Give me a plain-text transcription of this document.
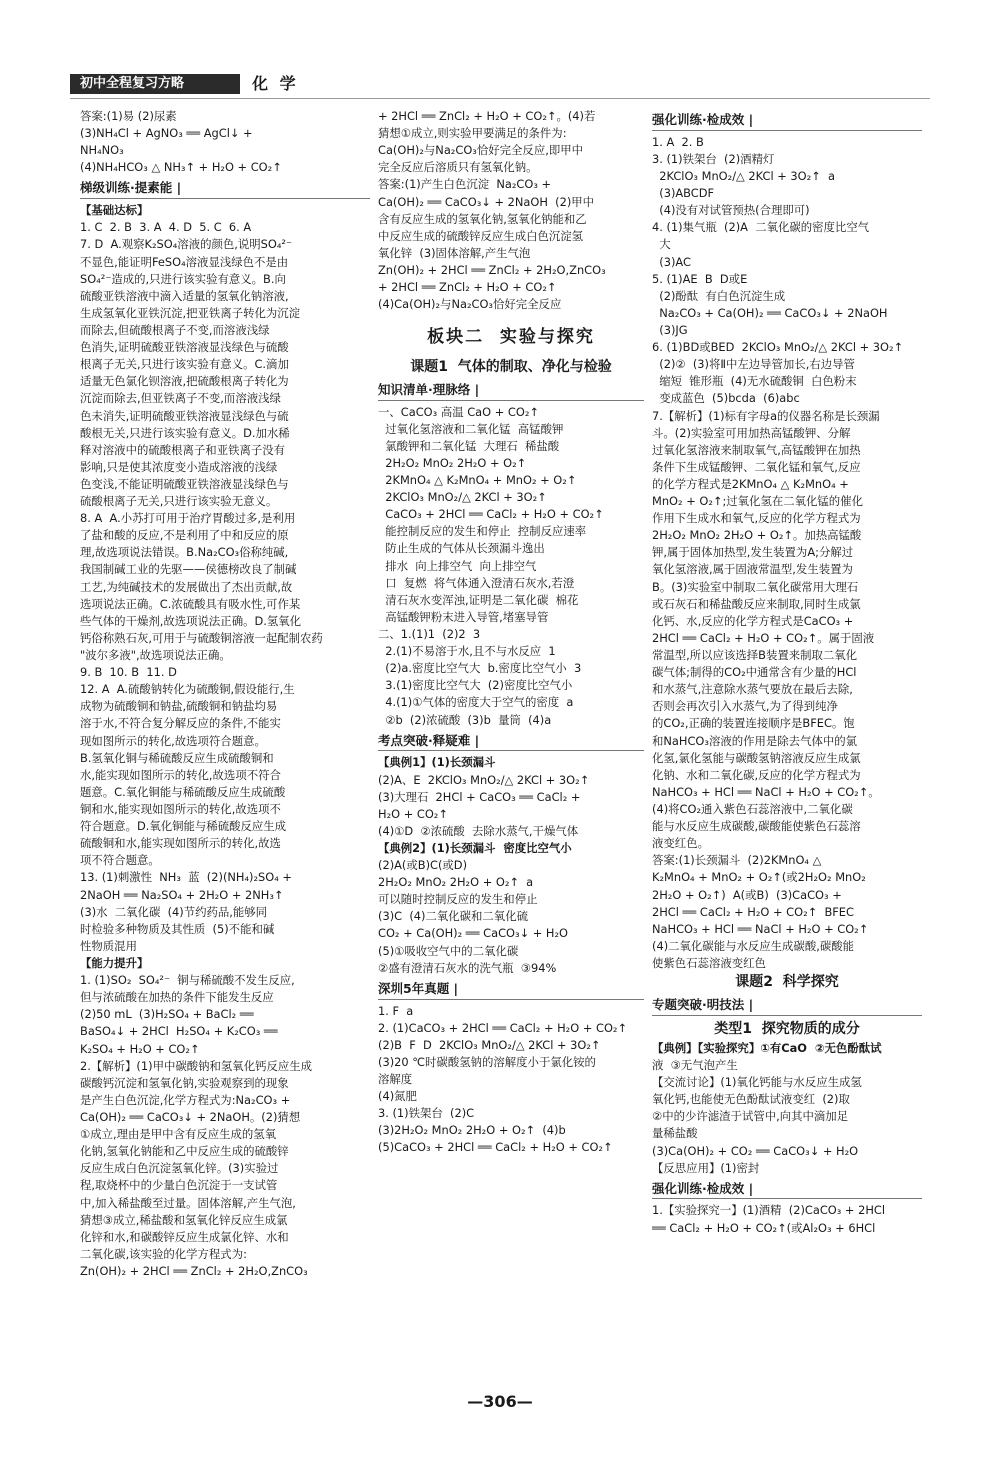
初中全程复习方略	化 学
答案:(1)易 (2)尿素
(3)NH₄Cl + AgNO₃ ══ AgCl↓ +
NH₄NO₃
(4)NH₄HCO₃ △ NH₃↑ + H₂O + CO₂↑
梯级训练·提素能 |
【基础达标】
1. C  2. B  3. A  4. D  5. C  6. A
7. D  A.观察K₂SO₄溶液的颜色,说明SO₄²⁻
不显色,能证明FeSO₄溶液显浅绿色不是由
SO₄²⁻造成的,只进行该实验有意义。B.向
硫酸亚铁溶液中滴入适量的氢氧化钠溶液,
生成氢氧化亚铁沉淀,把亚铁离子转化为沉淀
而除去,但硫酸根离子不变,而溶液浅绿
色消失,证明硫酸亚铁溶液显浅绿色与硫酸
根离子无关,只进行该实验有意义。C.滴加
适量无色氯化钡溶液,把硫酸根离子转化为
沉淀而除去,但亚铁离子不变,而溶液浅绿
色未消失,证明硫酸亚铁溶液显浅绿色与硫
酸根无关,只进行该实验有意义。D.加水稀
释对溶液中的硫酸根离子和亚铁离子没有
影响,只是使其浓度变小造成溶液的浅绿
色变浅,不能证明硫酸亚铁溶液显浅绿色与
硫酸根离子无关,只进行该实验无意义。
8. A  A.小苏打可用于治疗胃酸过多,是利用
了盐和酸的反应,不是利用了中和反应的原
理,故选项说法错误。B.Na₂CO₃俗称纯碱,
我国制碱工业的先驱——侯德榜改良了制碱
工艺,为纯碱技术的发展做出了杰出贡献,故
选项说法正确。C.浓硫酸具有吸水性,可作某
些气体的干燥剂,故选项说法正确。D.氢氧化
钙俗称熟石灰,可用于与硫酸铜溶液一起配制农药
"波尔多液",故选项说法正确。
9. B  10. B  11. D
12. A  A.硫酸钠转化为硫酸铜,假设能行,生
成物为硫酸铜和钠盐,硫酸铜和钠盐均易
溶于水,不符合复分解反应的条件,不能实
现如图所示的转化,故选项符合题意。
B.氢氧化铜与稀硫酸反应生成硫酸铜和
水,能实现如图所示的转化,故选项不符合
题意。C.氧化铜能与稀硫酸反应生成硫酸
铜和水,能实现如图所示的转化,故选项不
符合题意。D.氧化铜能与稀硫酸反应生成
硫酸铜和水,能实现如图所示的转化,故选
项不符合题意。
13. (1)刺激性  NH₃  蓝  (2)(NH₄)₂SO₄ +
2NaOH ══ Na₂SO₄ + 2H₂O + 2NH₃↑
(3)水  二氧化碳  (4)节约药品,能够同
时检验多种物质及其性质  (5)不能和碱
性物质混用
【能力提升】
1. (1)SO₂  SO₄²⁻  铜与稀硫酸不发生反应,
但与浓硫酸在加热的条件下能发生反应
(2)50 mL  (3)H₂SO₄ + BaCl₂ ══
BaSO₄↓ + 2HCl  H₂SO₄ + K₂CO₃ ══
K₂SO₄ + H₂O + CO₂↑
2.【解析】(1)甲中碳酸钠和氢氧化钙反应生成
碳酸钙沉淀和氢氧化钠,实验观察到的现象
是产生白色沉淀,化学方程式为:Na₂CO₃ +
Ca(OH)₂ ══ CaCO₃↓ + 2NaOH。(2)猜想
①成立,理由是甲中含有反应生成的氢氧
化钠,氢氧化钠能和乙中反应生成的硫酸锌
反应生成白色沉淀氢氧化锌。(3)实验过
程,取烧杯中的少量白色沉淀于一支试管
中,加入稀盐酸至过量。固体溶解,产生气泡,
猜想③成立,稀盐酸和氢氧化锌反应生成氯
化锌和水,和碳酸锌反应生成氯化锌、水和
二氧化碳,该实验的化学方程式为:
Zn(OH)₂ + 2HCl ══ ZnCl₂ + 2H₂O,ZnCO₃
+ 2HCl ══ ZnCl₂ + H₂O + CO₂↑。(4)若
猜想①成立,则实验甲要满足的条件为:
Ca(OH)₂与Na₂CO₃恰好完全反应,即甲中
完全反应后溶质只有氢氧化钠。
答案:(1)产生白色沉淀  Na₂CO₃ +
Ca(OH)₂ ══ CaCO₃↓ + 2NaOH  (2)甲中
含有反应生成的氢氧化钠,氢氧化钠能和乙
中反应生成的硫酸锌反应生成白色沉淀氢
氧化锌  (3)固体溶解,产生气泡
Zn(OH)₂ + 2HCl ══ ZnCl₂ + 2H₂O,ZnCO₃
+ 2HCl ══ ZnCl₂ + H₂O + CO₂↑
(4)Ca(OH)₂与Na₂CO₃恰好完全反应
板块二  实验与探究
课题1  气体的制取、净化与检验
知识清单·理脉络 |
一、CaCO₃ 高温 CaO + CO₂↑
过氧化氢溶液和二氧化锰  高锰酸钾
氯酸钾和二氧化锰  大理石  稀盐酸
2H₂O₂ MnO₂ 2H₂O + O₂↑
2KMnO₄ △ K₂MnO₄ + MnO₂ + O₂↑
2KClO₃ MnO₂/△ 2KCl + 3O₂↑
CaCO₃ + 2HCl ══ CaCl₂ + H₂O + CO₂↑
能控制反应的发生和停止  控制反应速率
防止生成的气体从长颈漏斗逸出
排水  向上排空气  向上排空气
口  复燃  将气体通入澄清石灰水,若澄
清石灰水变浑浊,证明是二氧化碳  棉花
高锰酸钾粉末进入导管,堵塞导管
二、1.(1)1  (2)2  3
2.(1)不易溶于水,且不与水反应  1
(2)a.密度比空气大  b.密度比空气小  3
3.(1)密度比空气大  (2)密度比空气小
4.(1)①气体的密度大于空气的密度  a
②b  (2)浓硫酸  (3)b  量筒  (4)a
考点突破·释疑难 |
【典例1】(1)长颈漏斗
(2)A、E  2KClO₃ MnO₂/△ 2KCl + 3O₂↑
(3)大理石  2HCl + CaCO₃ ══ CaCl₂ +
H₂O + CO₂↑
(4)①D  ②浓硫酸  去除水蒸气,干燥气体
【典例2】(1)长颈漏斗  密度比空气小
(2)A(或B)C(或D)
2H₂O₂ MnO₂ 2H₂O + O₂↑  a
可以随时控制反应的发生和停止
(3)C  (4)二氧化碳和二氧化硫
CO₂ + Ca(OH)₂ ══ CaCO₃↓ + H₂O
(5)①吸收空气中的二氧化碳
②盛有澄清石灰水的洗气瓶  ③94%
深圳5年真题 |
1. F  a
2. (1)CaCO₃ + 2HCl ══ CaCl₂ + H₂O + CO₂↑
(2)B  F  D  2KClO₃ MnO₂/△ 2KCl + 3O₂↑
(3)20 ℃时碳酸氢钠的溶解度小于氯化铵的
溶解度
(4)氮肥
3. (1)铁架台  (2)C
(3)2H₂O₂ MnO₂ 2H₂O + O₂↑  (4)b
(5)CaCO₃ + 2HCl ══ CaCl₂ + H₂O + CO₂↑
强化训练·检成效 |
1. A  2. B
3. (1)铁架台  (2)酒精灯
2KClO₃ MnO₂/△ 2KCl + 3O₂↑  a
(3)ABCDF
(4)没有对试管预热(合理即可)
4. (1)集气瓶  (2)A  二氧化碳的密度比空气
大
(3)AC
5. (1)AE  B  D或E
(2)酚酞  有白色沉淀生成
Na₂CO₃ + Ca(OH)₂ ══ CaCO₃↓ + 2NaOH
(3)JG
6. (1)BD或BED  2KClO₃ MnO₂/△ 2KCl + 3O₂↑
(2)②  (3)将Ⅱ中左边导管加长,右边导管
缩短  锥形瓶  (4)无水硫酸铜  白色粉末
变成蓝色  (5)bcda  (6)abc
7.【解析】(1)标有字母a的仪器名称是长颈漏
斗。(2)实验室可用加热高锰酸钾、分解
过氧化氢溶液来制取氧气,高锰酸钾在加热
条件下生成锰酸钾、二氧化锰和氧气,反应
的化学方程式是2KMnO₄ △ K₂MnO₄ +
MnO₂ + O₂↑;过氧化氢在二氧化锰的催化
作用下生成水和氧气,反应的化学方程式为
2H₂O₂ MnO₂ 2H₂O + O₂↑。加热高锰酸
钾,属于固体加热型,发生装置为A;分解过
氧化氢溶液,属于固液常温型,发生装置为
B。(3)实验室中制取二氧化碳常用大理石
或石灰石和稀盐酸反应来制取,同时生成氯
化钙、水,反应的化学方程式是CaCO₃ +
2HCl ══ CaCl₂ + H₂O + CO₂↑。属于固液
常温型,所以应该选择B装置来制取二氧化
碳气体;制得的CO₂中通常含有少量的HCl
和水蒸气,注意除水蒸气要放在最后去除,
否则会再次引入水蒸气,为了得到纯净
的CO₂,正确的装置连接顺序是BFEC。饱
和NaHCO₃溶液的作用是除去气体中的氯
化氢,氯化氢能与碳酸氢钠溶液反应生成氯
化钠、水和二氧化碳,反应的化学方程式为
NaHCO₃ + HCl ══ NaCl + H₂O + CO₂↑。
(4)将CO₂通入紫色石蕊溶液中,二氧化碳
能与水反应生成碳酸,碳酸能使紫色石蕊溶
液变红色。
答案:(1)长颈漏斗  (2)2KMnO₄ △
K₂MnO₄ + MnO₂ + O₂↑(或2H₂O₂ MnO₂
2H₂O + O₂↑)  A(或B)  (3)CaCO₃ +
2HCl ══ CaCl₂ + H₂O + CO₂↑  BFEC
NaHCO₃ + HCl ══ NaCl + H₂O + CO₂↑
(4)二氧化碳能与水反应生成碳酸,碳酸能
使紫色石蕊溶液变红色
课题2  科学探究
专题突破·明技法 |
类型1  探究物质的成分
【典例】【实验探究】①有CaO  ②无色酚酞试
液  ③无气泡产生
【交流讨论】(1)氧化钙能与水反应生成氢
氧化钙,也能使无色酚酞试液变红  (2)取
②中的少许滤渣于试管中,向其中滴加足
量稀盐酸
(3)Ca(OH)₂ + CO₂ ══ CaCO₃↓ + H₂O
【反思应用】(1)密封
强化训练·检成效 |
1.【实验探究一】(1)酒精  (2)CaCO₃ + 2HCl
══ CaCl₂ + H₂O + CO₂↑(或Al₂O₃ + 6HCl
—306—
